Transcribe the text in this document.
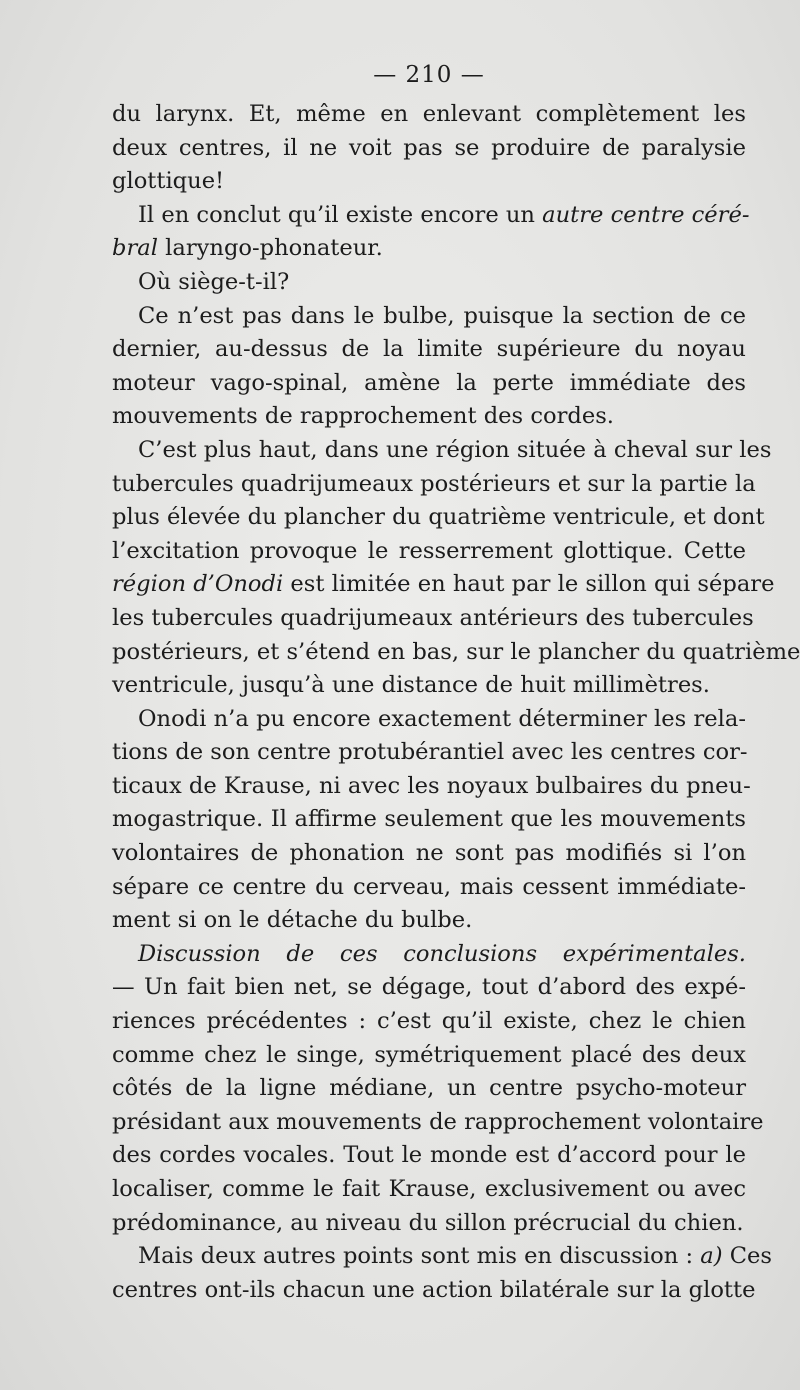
— 210 —
du larynx. Et, même en enlevant complètement les
deux centres, il ne voit pas se produire de paralysie
glottique!
Il en conclut qu’il existe encore un autre centre céré-
bral laryngo-phonateur.
Où siège-t-il?
Ce n’est pas dans le bulbe, puisque la section de ce
dernier, au-dessus de la limite supérieure du noyau
moteur vago-spinal, amène la perte immédiate des
mouvements de rapprochement des cordes.
C’est plus haut, dans une région située à cheval sur les
tubercules quadrijumeaux postérieurs et sur la partie la
plus élevée du plancher du quatrième ventricule, et dont
l’excitation provoque le resserrement glottique. Cette
région d’Onodi est limitée en haut par le sillon qui sépare
les tubercules quadrijumeaux antérieurs des tubercules
postérieurs, et s’étend en bas, sur le plancher du quatrième
ventricule, jusqu’à une distance de huit millimètres.
Onodi n’a pu encore exactement déterminer les rela-
tions de son centre protubérantiel avec les centres cor-
ticaux de Krause, ni avec les noyaux bulbaires du pneu-
mogastrique. Il affirme seulement que les mouvements
volontaires de phonation ne sont pas modifiés si l’on
sépare ce centre du cerveau, mais cessent immédiate-
ment si on le détache du bulbe.
Discussion de ces conclusions expérimentales.
— Un fait bien net, se dégage, tout d’abord des expé-
riences précédentes : c’est qu’il existe, chez le chien
comme chez le singe, symétriquement placé des deux
côtés de la ligne médiane, un centre psycho-moteur
présidant aux mouvements de rapprochement volontaire
des cordes vocales. Tout le monde est d’accord pour le
localiser, comme le fait Krause, exclusivement ou avec
prédominance, au niveau du sillon précrucial du chien.
Mais deux autres points sont mis en discussion : a) Ces
centres ont-ils chacun une action bilatérale sur la glotte
